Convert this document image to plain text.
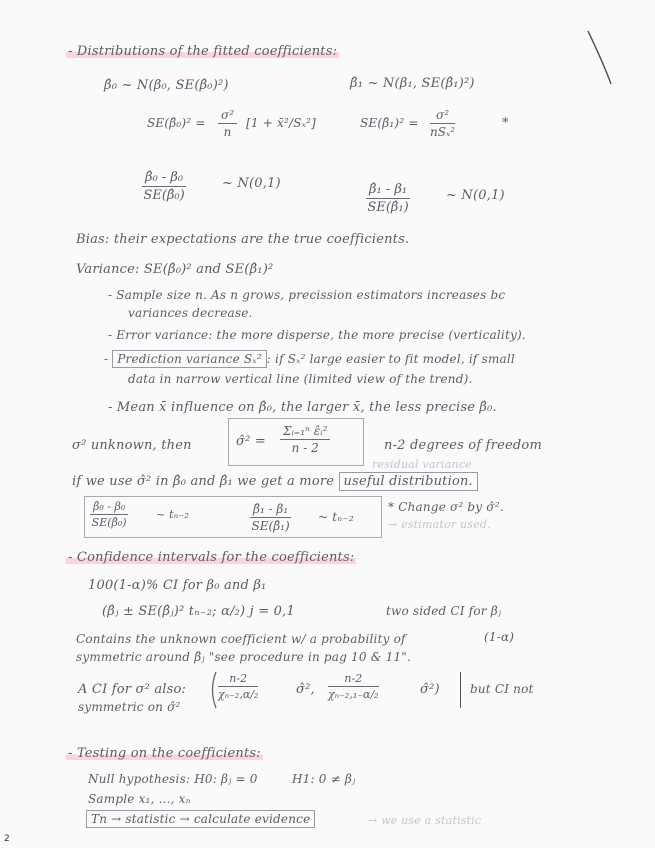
- Distributions of the fitted coefficients:
β̂₀ ~ N(β₀, SE(β̂₀)²)	β̂₁ ~ N(β₁, SE(β̂₁)²)
SE(β̂₀)² = $\frac{\text{σ²}}{n} [1$ + x̄²/Sₓ²]	SE(β̂₁)² =
σ²
nSₓ²
*
$\frac{\text{β̂₀ - β₀}}{\text{SE(β̂₀)}}$	~ N(0,1)	$\frac{\text{β̂₁ - β₁}}{\text{SE(β̂₁)}}$	~ N(0,1)
Bias: their expectations are the true coefficients.
Variance: SE(β̂₀)² and SE(β̂₁)²
- Sample size n. As n grows, precission estimators increases bc
variances decrease.
- Error variance: the more disperse, the more precise (verticality).
- Prediction variance Sₓ² : if Sₓ² large easier to fit model, if small
data in narrow vertical line (limited view of the trend).
- Mean x̄ influence on β̂₀, the larger x̄, the less precise β̂₀.
σ² unknown, then	σ̂² = $\frac{\text{Σᵢ₌₁ⁿ ε̂ᵢ²}}{n - 2}$	n-2 degrees of freedom
residual variance
if we use σ̂² in β̂₀ and β̂₁ we get a more useful distribution.
$\frac{\text{β̂₀ - β₀}}{\text{SE(β̂₀)}}$	~ tₙ₋₂	$\frac{\text{β̂₁ - β₁}}{\text{SE(β̂₁)}}$ ~ tₙ₋₂
* Change σ² by σ̂².
→ estimator used.
- Confidence intervals for the coefficients:
100(1-α)% CI for β₀ and β₁
(β̂ⱼ ± SE(β̂ⱼ)² tₙ₋₂; α/₂) j = 0,1	two sided CI for βⱼ
Contains the unknown coefficient w/ a probability of	(1-α)
symmetric around β̂ⱼ "see procedure in pag 10 & 11".
A CI for σ² also:	$\frac{n-2}{\text{χₙ₋₂,α/₂}}$	σ̂², $\frac{n-2}{\text{χₙ₋₂,₁₋α/₂}}$	σ̂²)	but CI not
symmetric on σ̂²
- Testing on the coefficients:
Null hypothesis: H0: βⱼ = 0	H1: 0 ≠ βⱼ
Sample x₁, ..., xₙ
Tn → statistic → calculate evidence	→ we use a statistic
2
